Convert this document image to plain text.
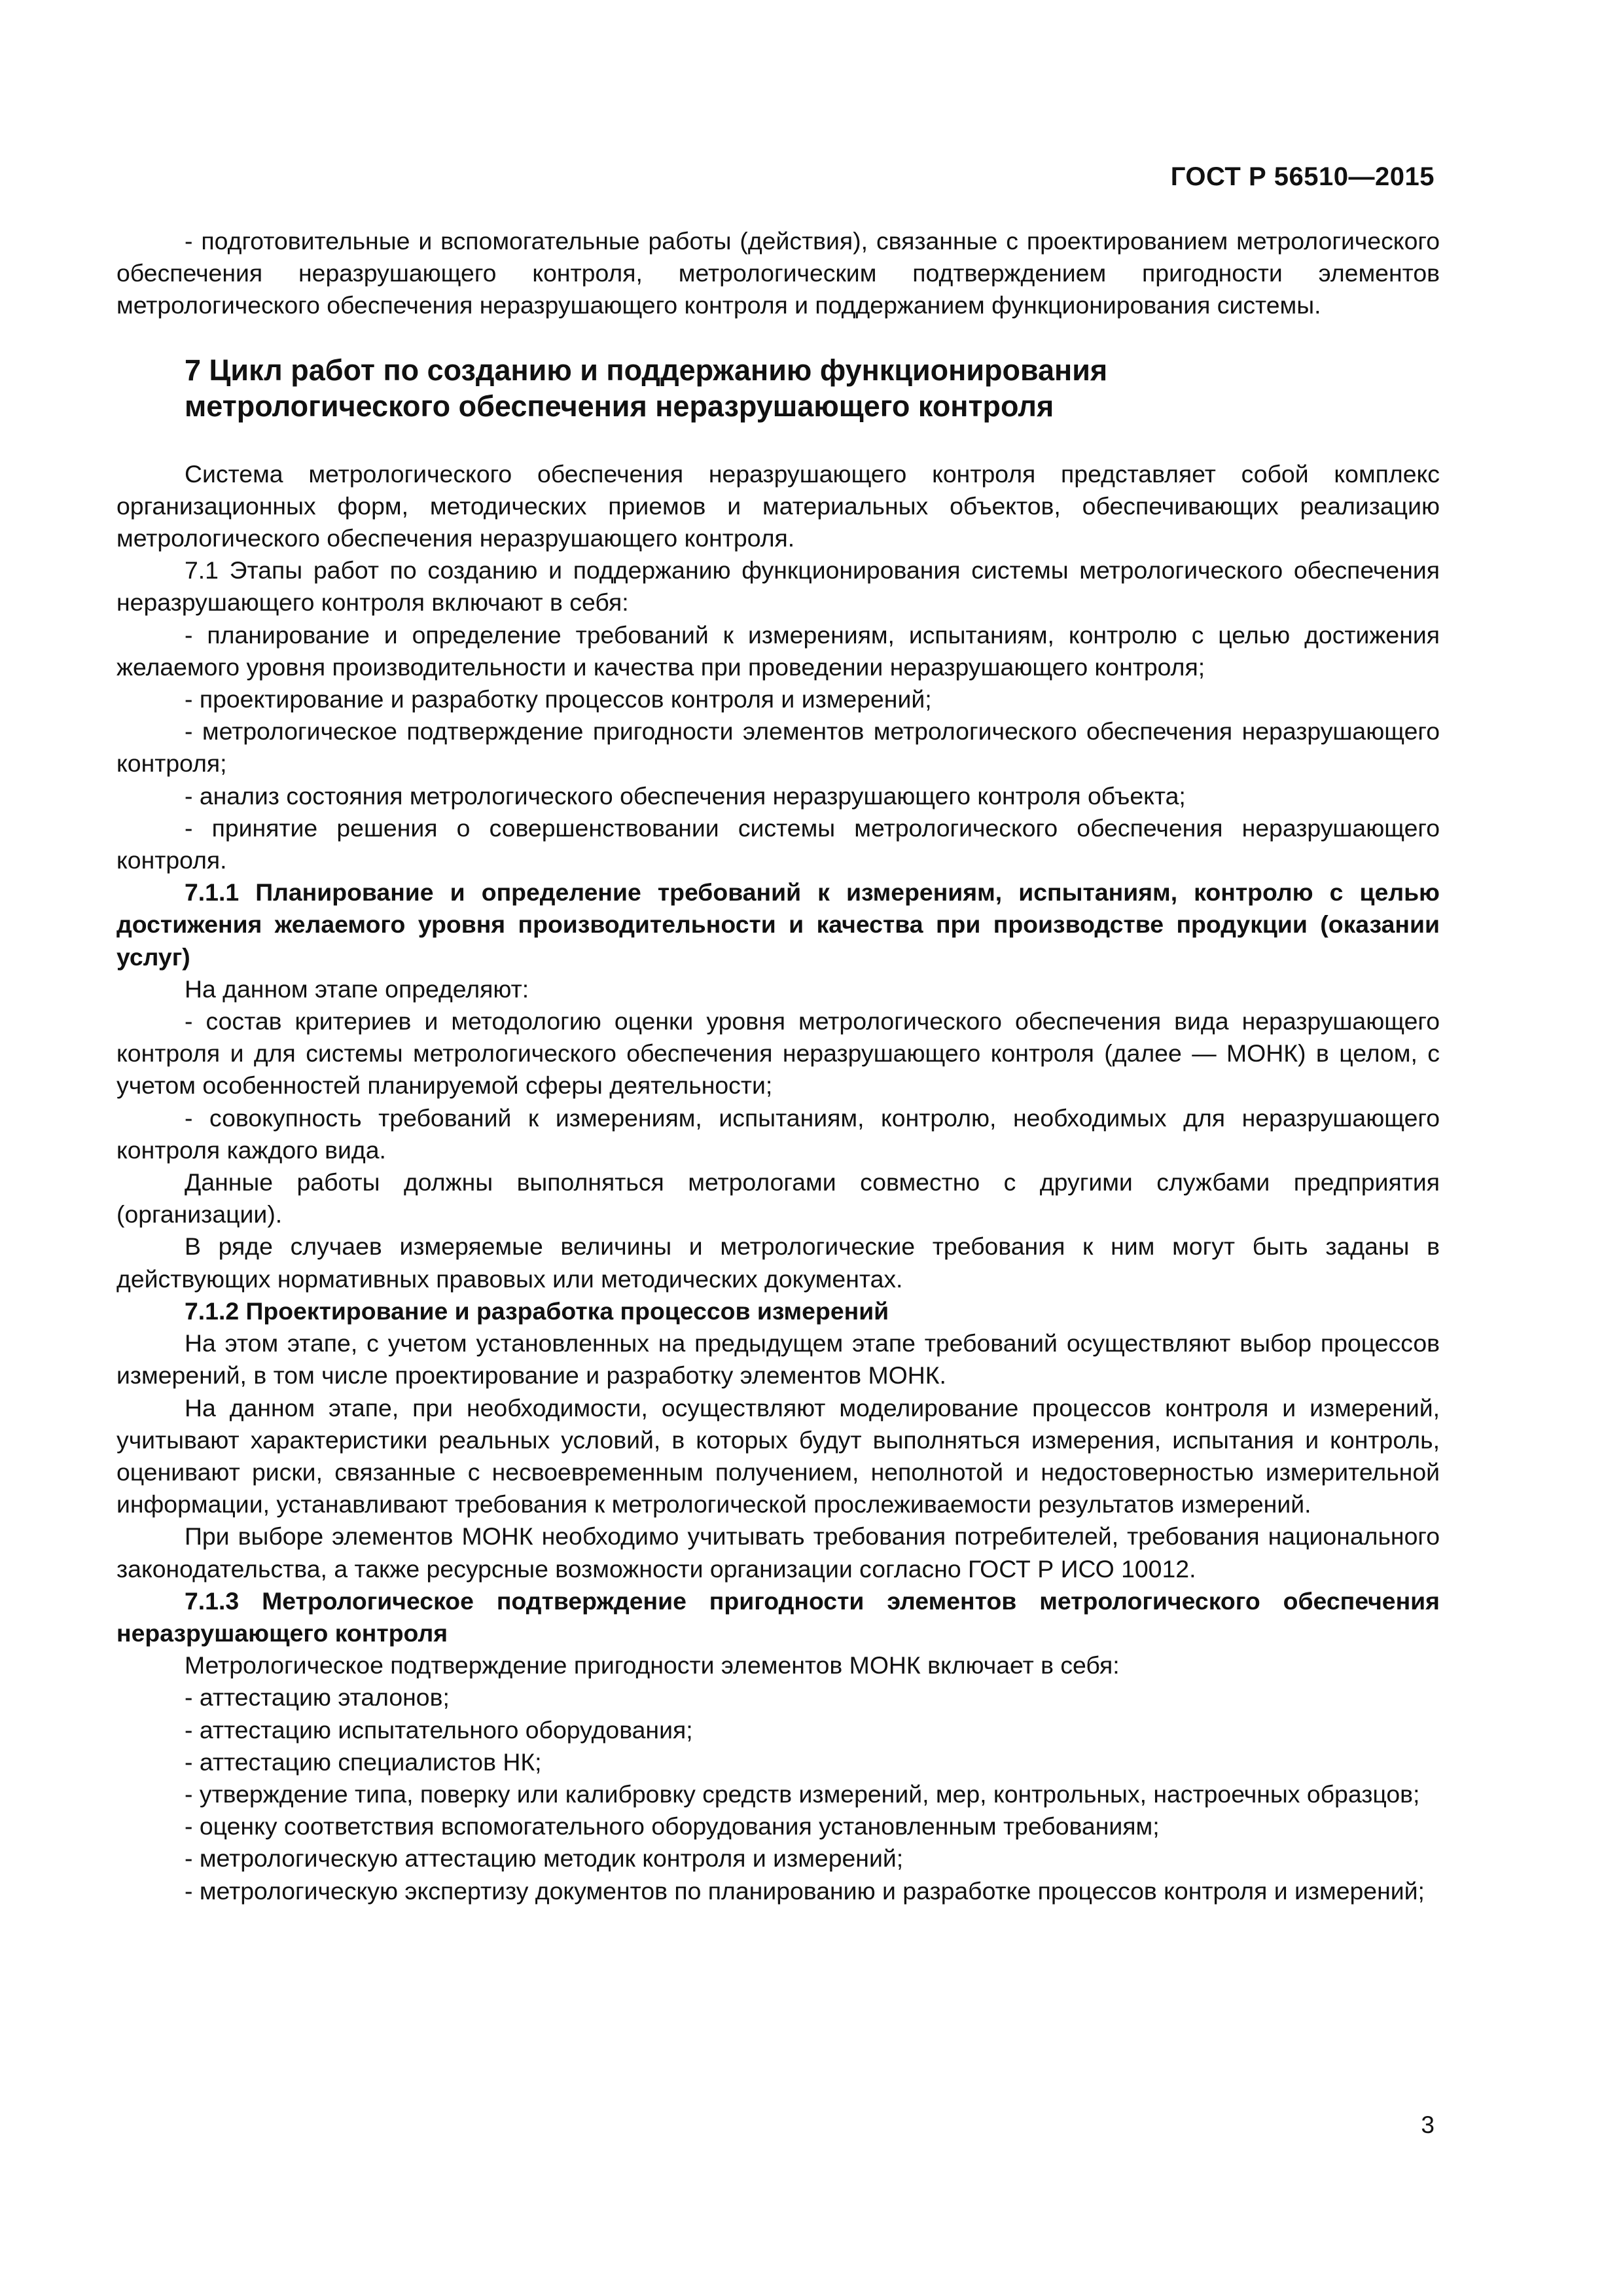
ГОСТ Р 56510—2015

- подготовительные и вспомогательные работы (действия), связанные с проектированием метрологического обеспечения неразрушающего контроля, метрологическим подтверждением пригодности элементов метрологического обеспечения неразрушающего контроля и поддержанием функционирования системы.

7 Цикл работ по созданию и поддержанию функционирования метрологического обеспечения неразрушающего контроля

Система метрологического обеспечения неразрушающего контроля представляет собой комплекс организационных форм, методических приемов и материальных объектов, обеспечивающих реализацию метрологического обеспечения неразрушающего контроля.

7.1 Этапы работ по созданию и поддержанию функционирования системы метрологического обеспечения неразрушающего контроля включают в себя:

- планирование и определение требований к измерениям, испытаниям, контролю с целью достижения желаемого уровня производительности и качества при проведении неразрушающего контроля;

- проектирование и разработку процессов контроля и измерений;

- метрологическое подтверждение пригодности элементов метрологического обеспечения неразрушающего контроля;

- анализ состояния метрологического обеспечения неразрушающего контроля объекта;

- принятие решения о совершенствовании системы метрологического обеспечения неразрушающего контроля.

7.1.1 Планирование и определение требований к измерениям, испытаниям, контролю с целью достижения желаемого уровня производительности и качества при производстве продукции (оказании услуг)

На данном этапе определяют:

- состав критериев и методологию оценки уровня метрологического обеспечения вида неразрушающего контроля и для системы метрологического обеспечения неразрушающего контроля (далее — МОНК) в целом, с учетом особенностей планируемой сферы деятельности;

- совокупность требований к измерениям, испытаниям, контролю, необходимых для неразрушающего контроля каждого вида.

Данные работы должны выполняться метрологами совместно с другими службами предприятия (организации).

В ряде случаев измеряемые величины и метрологические требования к ним могут быть заданы в действующих нормативных правовых или методических документах.

7.1.2 Проектирование и разработка процессов измерений

На этом этапе, с учетом установленных на предыдущем этапе требований осуществляют выбор процессов измерений, в том числе проектирование и разработку элементов МОНК.

На данном этапе, при необходимости, осуществляют моделирование процессов контроля и измерений, учитывают характеристики реальных условий, в которых будут выполняться измерения, испытания и контроль, оценивают риски, связанные с несвоевременным получением, неполнотой и недостоверностью измерительной информации, устанавливают требования к метрологической прослеживаемости результатов измерений.

При выборе элементов МОНК необходимо учитывать требования потребителей, требования национального законодательства, а также ресурсные возможности организации согласно ГОСТ Р ИСО 10012.

7.1.3 Метрологическое подтверждение пригодности элементов метрологического обеспечения неразрушающего контроля

Метрологическое подтверждение пригодности элементов МОНК включает в себя:

- аттестацию эталонов;

- аттестацию испытательного оборудования;

- аттестацию специалистов НК;

- утверждение типа, поверку или калибровку средств измерений, мер, контрольных, настроечных образцов;

- оценку соответствия вспомогательного оборудования установленным требованиям;

- метрологическую аттестацию методик контроля и измерений;

- метрологическую экспертизу документов по планированию и разработке процессов контроля и измерений;

3
